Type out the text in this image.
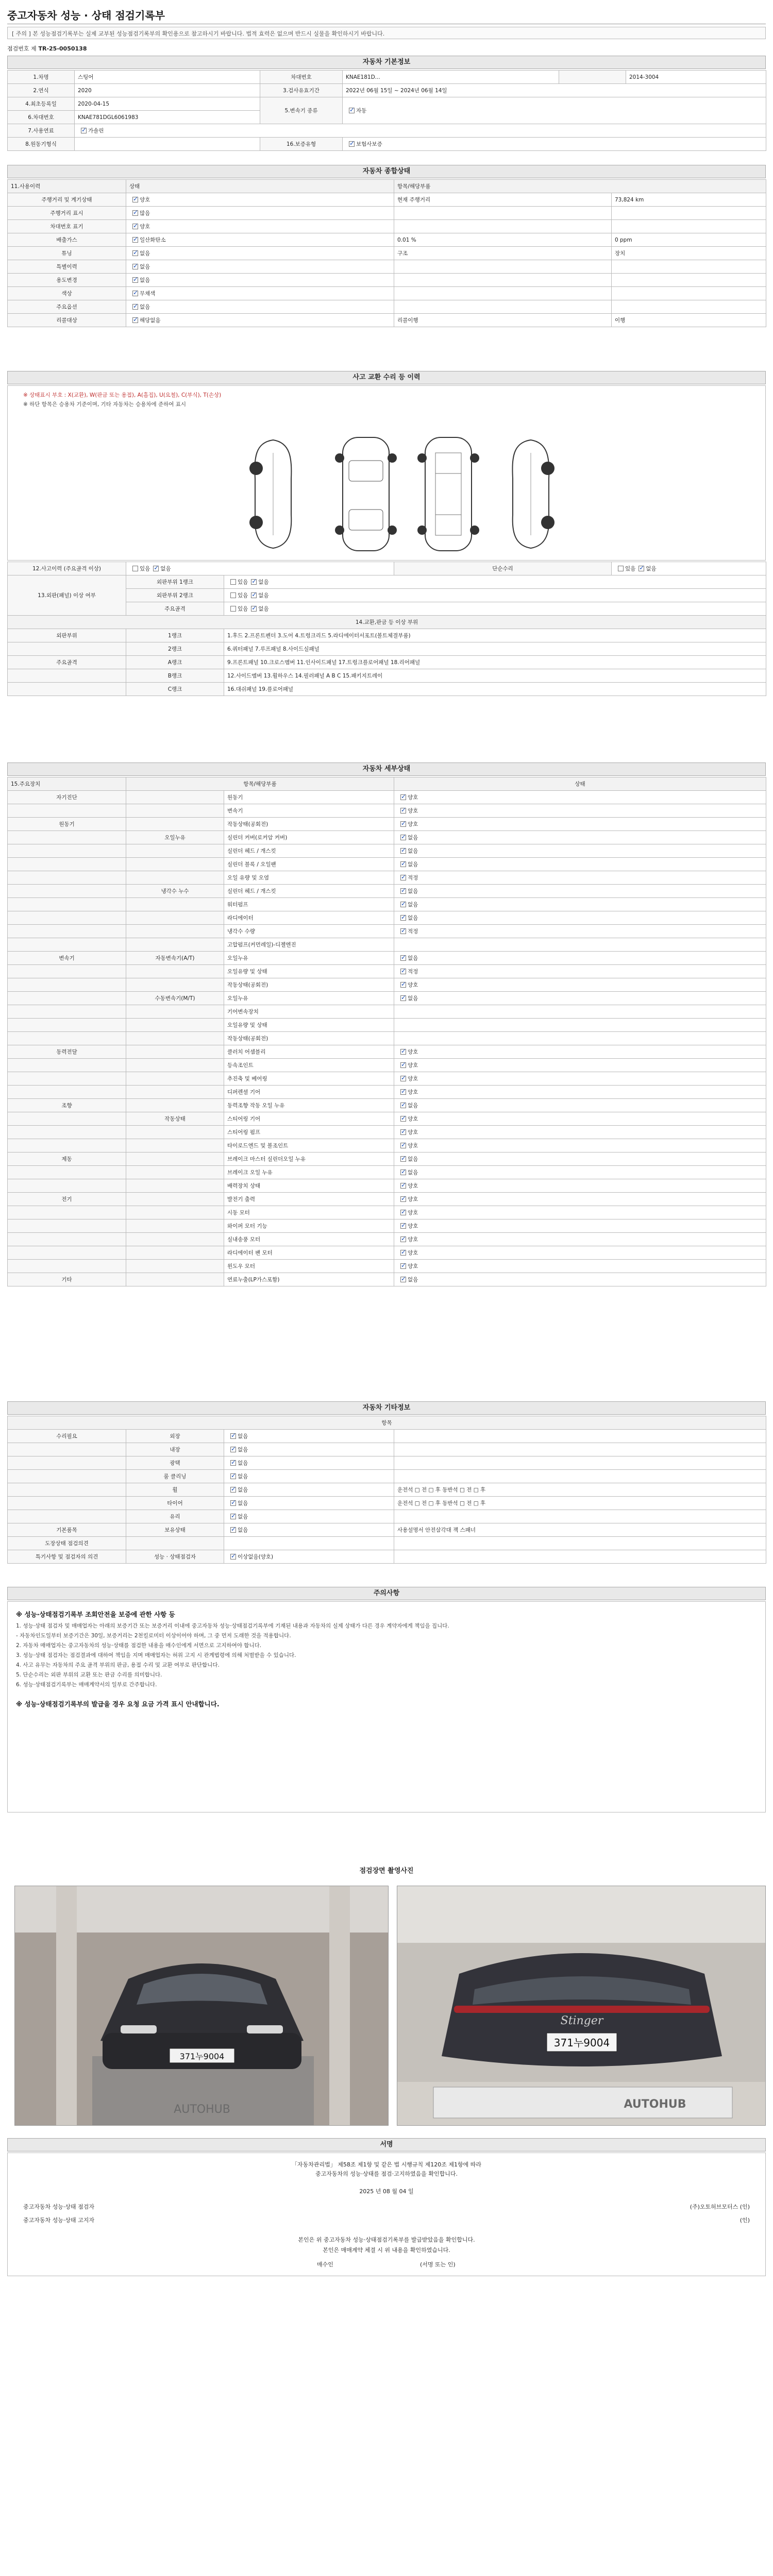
중고자동차 성능 · 상태 점검기록부
[ 주의 ] 본 성능점검기록부는 실제 교부된 성능점검기록부의 확인용으로 참고하시기 바랍니다. 법적 효력은 없으며 반드시 실물을 확인하시기 바랍니다.
점검번호 제 TR-25-0050138
자동차 기본정보
1.차명	스팅어	차대번호	KNAE181D...		2014-3004
2.연식	2020	3.검사유효기간	2022년 06월 15일 ~ 2024년 06월 14일		
4.최초등록일	2020-04-15	5.변속기 종류	✓자동
6.차대번호	KNAE781DGL6061983				
7.사용연료	✓가솔린
8.원동기형식		16.보증유형	✓보험사보증
자동차 종합상태
11.사용이력	상태	항목/해당부품	
주행거리 및 계기상태	✓양호	현재 주행거리	73,824 km
주행거리 표시	✓많음		
차대번호 표기	✓양호		
배출가스	✓일산화탄소	0.01 %	0 ppm
튜닝	✓없음	구조	장치
특별이력	✓없음		
용도변경	✓없음		
색상	✓무채색		
주요옵션	✓없음		
리콜대상	✓해당없음	리콜이행	이행
사고 교환 수리 등 이력
※ 상태표시 부호 : X(교환), W(판금 또는 용접), A(흠집), U(요철), C(부식), T(손상)
※ 하단 항목은 승용차 기준이며, 기타 자동차는 승용차에 준하여 표시
12.사고이력 (주요골격 이상)	있음 ✓ 없음		단순수리	있음 ✓ 없음
13.외판(패널) 이상 여부	외판부위 1랭크	있음 ✓ 없음
	외판부위 2랭크	있음 ✓ 없음
	주요골격	있음 ✓ 없음
14.교환,판금 등 이상 부위				
외판부위	1랭크	1.후드 2.프론트펜더 3.도어 4.트렁크리드 5.라디에이터서포트(볼트체결부품)		
	2랭크	6.쿼터패널 7.루프패널 8.사이드실패널		
주요골격	A랭크	9.프론트패널 10.크로스멤버 11.인사이드패널 17.트렁크플로어패널 18.리어패널		
	B랭크	12.사이드멤버 13.휠하우스 14.필러패널 A B C 15.패키지트레이		
	C랭크	16.대쉬패널 19.플로어패널		
자동차 세부상태
15.주요장치	항목/해당부품		상태
자기진단		원동기	✓양호
		변속기	✓양호
원동기		작동상태(공회전)	✓양호
	오일누유	실린더 커버(로커암 커버)	✓없음
		실린더 헤드 / 개스킷	✓없음
		실린더 블록 / 오일팬	✓없음
		오일 유량 및 오염	✓적정
	냉각수 누수	실린더 헤드 / 개스킷	✓없음
		워터펌프	✓없음
		라디에이터	✓없음
		냉각수 수량	✓적정
		고압펌프(커먼레일)-디젤엔진	
변속기	자동변속기(A/T)	오일누유	✓없음
		오일유량 및 상태	✓적정
		작동상태(공회전)	✓양호
	수동변속기(M/T)	오일누유	✓없음
		기어변속장치	
		오일유량 및 상태	
		작동상태(공회전)	
동력전달		클러치 어셈블리	✓양호
		등속조인트	✓양호
		추진축 및 베어링	✓양호
		디퍼렌셜 기어	✓양호
조향		동력조향 작동 오일 누유	✓없음
	작동상태	스티어링 기어	✓양호
		스티어링 펌프	✓양호
		타이로드엔드 및 볼조인트	✓양호
제동		브레이크 마스터 실린더오일 누유	✓없음
		브레이크 오일 누유	✓없음
		배력장치 상태	✓양호
전기		발전기 출력	✓양호
		시동 모터	✓양호
		와이퍼 모터 기능	✓양호
		실내송풍 모터	✓양호
		라디에이터 팬 모터	✓양호
		윈도우 모터	✓양호
기타		연료누출(LP가스포함)	✓없음
자동차 기타정보
항목			
수리필요	외장	✓없음	
	내장	✓없음	
	광택	✓없음	
	룸 클리닝	✓없음	
	휠	✓없음	운전석 □ 전 □ 후 동반석 □ 전 □ 후
	타이어	✓없음	운전석 □ 전 □ 후 동반석 □ 전 □ 후
	유리	✓없음	
기본품목	보유상태	✓없음	사용설명서 안전삼각대 잭 스패너
도장상태 점검의견			
특기사항 및 점검자의 의견	성능 · 상태점검자	✓이상없음(양호)	
주의사항

※ 성능·상태점검기록부 조회안전을 보증에 관한 사항 등

1. 성능·상태 점검자 및 매매업자는 아래의 보증기간 또는 보증거리 이내에 중고자동차 성능·상태점검기록부에 기재된 내용과 자동차의 실제 상태가 다른 경우 계약자에게 책임을 집니다.

- 자동차인도일부터 보증기간은 30일, 보증거리는 2천킬로미터 이상이어야 하며, 그 중 먼저 도래한 것을 적용합니다.

2. 자동차 매매업자는 중고자동차의 성능·상태를 점검한 내용을 매수인에게 서면으로 고지하여야 합니다.

3. 성능·상태 점검자는 점검결과에 대하여 책임을 지며 매매업자는 허위 고지 시 관계법령에 의해 처벌받을 수 있습니다.

4. 사고 유무는 자동차의 주요 골격 부위의 판금, 용접 수리 및 교환 여부로 판단합니다.

5. 단순수리는 외판 부위의 교환 또는 판금 수리를 의미합니다.

6. 성능·상태점검기록부는 매매계약서의 일부로 간주합니다.

※ 성능·상태점검기록부의 발급을 경우 요청 요금 가격 표시 안내합니다.

점검장면 촬영사진
371누9004
AUTOHUB
Stinger
371누9004
AUTOHUB
서명
「자동차관리법」 제58조 제1항 및 같은 법 시행규칙 제120조 제1항에 따라
중고자동차의 성능·상태를 점검·고지하였음을 확인합니다.
2025 년 08 월 04 일
중고자동차 성능·상태 점검자	(주)오토허브모터스 (인)
중고자동차 성능·상태 고지자	(인)
본인은 위 중고자동차 성능·상태점검기록부를 발급받았음을 확인합니다.
본인은 매매계약 체결 시 위 내용을 확인하였습니다.
매수인	(서명 또는 인)
